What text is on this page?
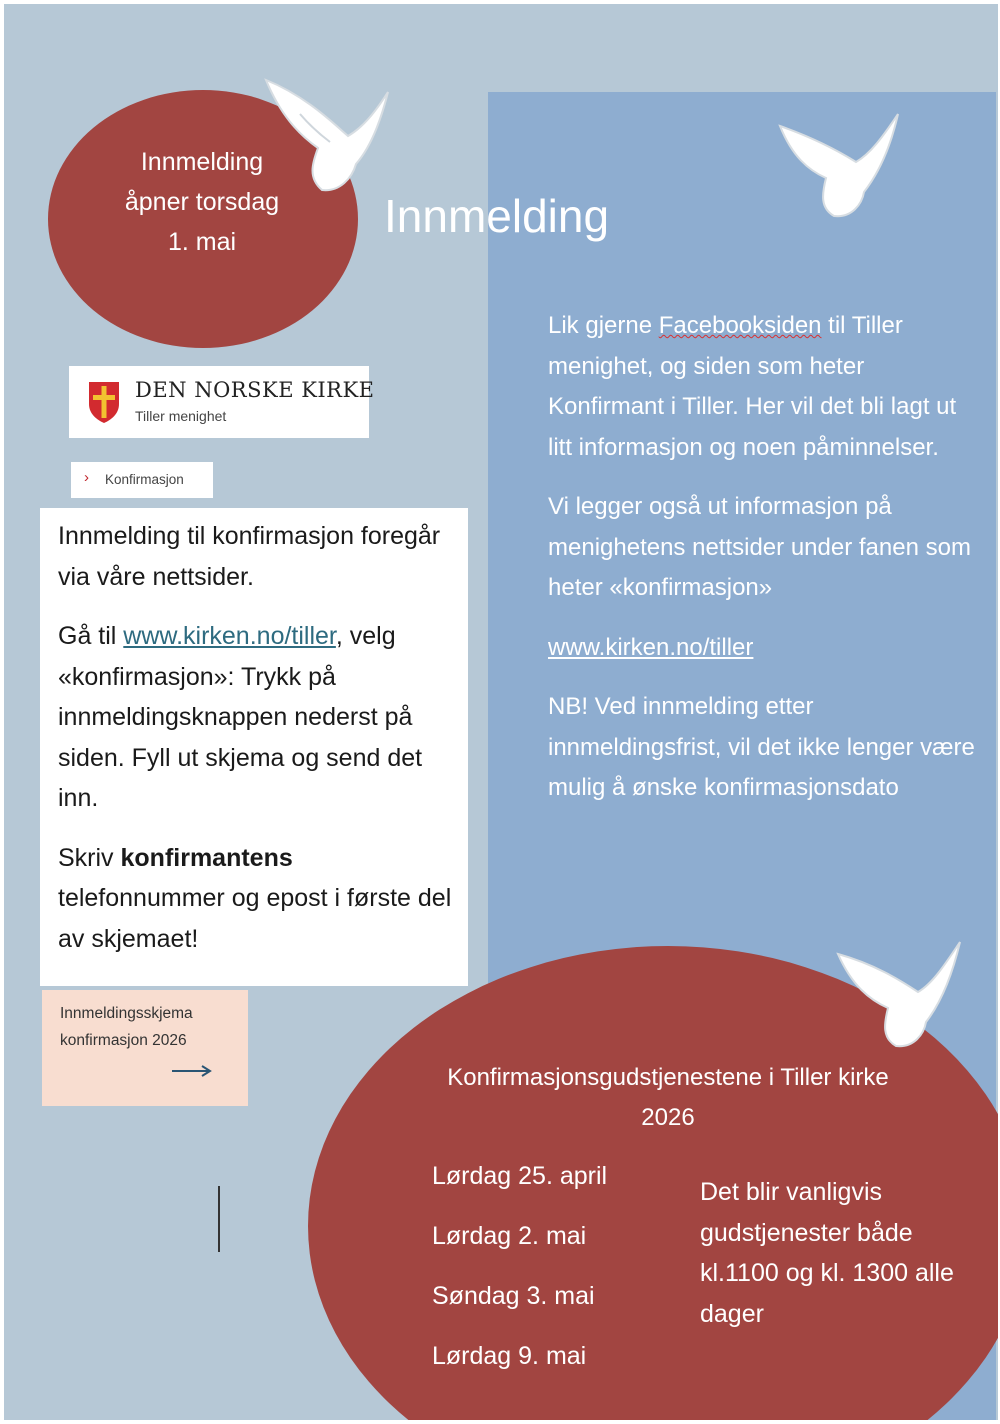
Innmelding
åpner torsdag
1. mai	Innmelding
DEN NORSKE KIRKE
Tiller menighet
› Konfirmasjon

Innmelding til konfirmasjon foregår via våre nettsider.

Gå til www.kirken.no/tiller, velg «konfirmasjon»: Trykk på innmeldingsknappen nederst på siden. Fyll ut skjema og send det inn.

Skriv konfirmantens telefonnummer og epost i første del av skjemaet!

Innmeldingsskjema konfirmasjon 2026

Lik gjerne Facebooksiden til Tiller menighet, og siden som heter Konfirmant i Tiller. Her vil det bli lagt ut litt informasjon og noen påminnelser.

Vi legger også ut informasjon på menighetens nettsider under fanen som heter «konfirmasjon»

www.kirken.no/tiller

NB! Ved innmelding etter innmeldingsfrist, vil det ikke lenger være mulig å ønske konfirmasjonsdato

Konfirmasjonsgudstjenestene i Tiller kirke 2026
Lørdag 25. april
Lørdag 2. mai
Søndag 3. mai
Lørdag 9. mai
Det blir vanligvis gudstjenester både kl.1100 og kl. 1300 alle dager
